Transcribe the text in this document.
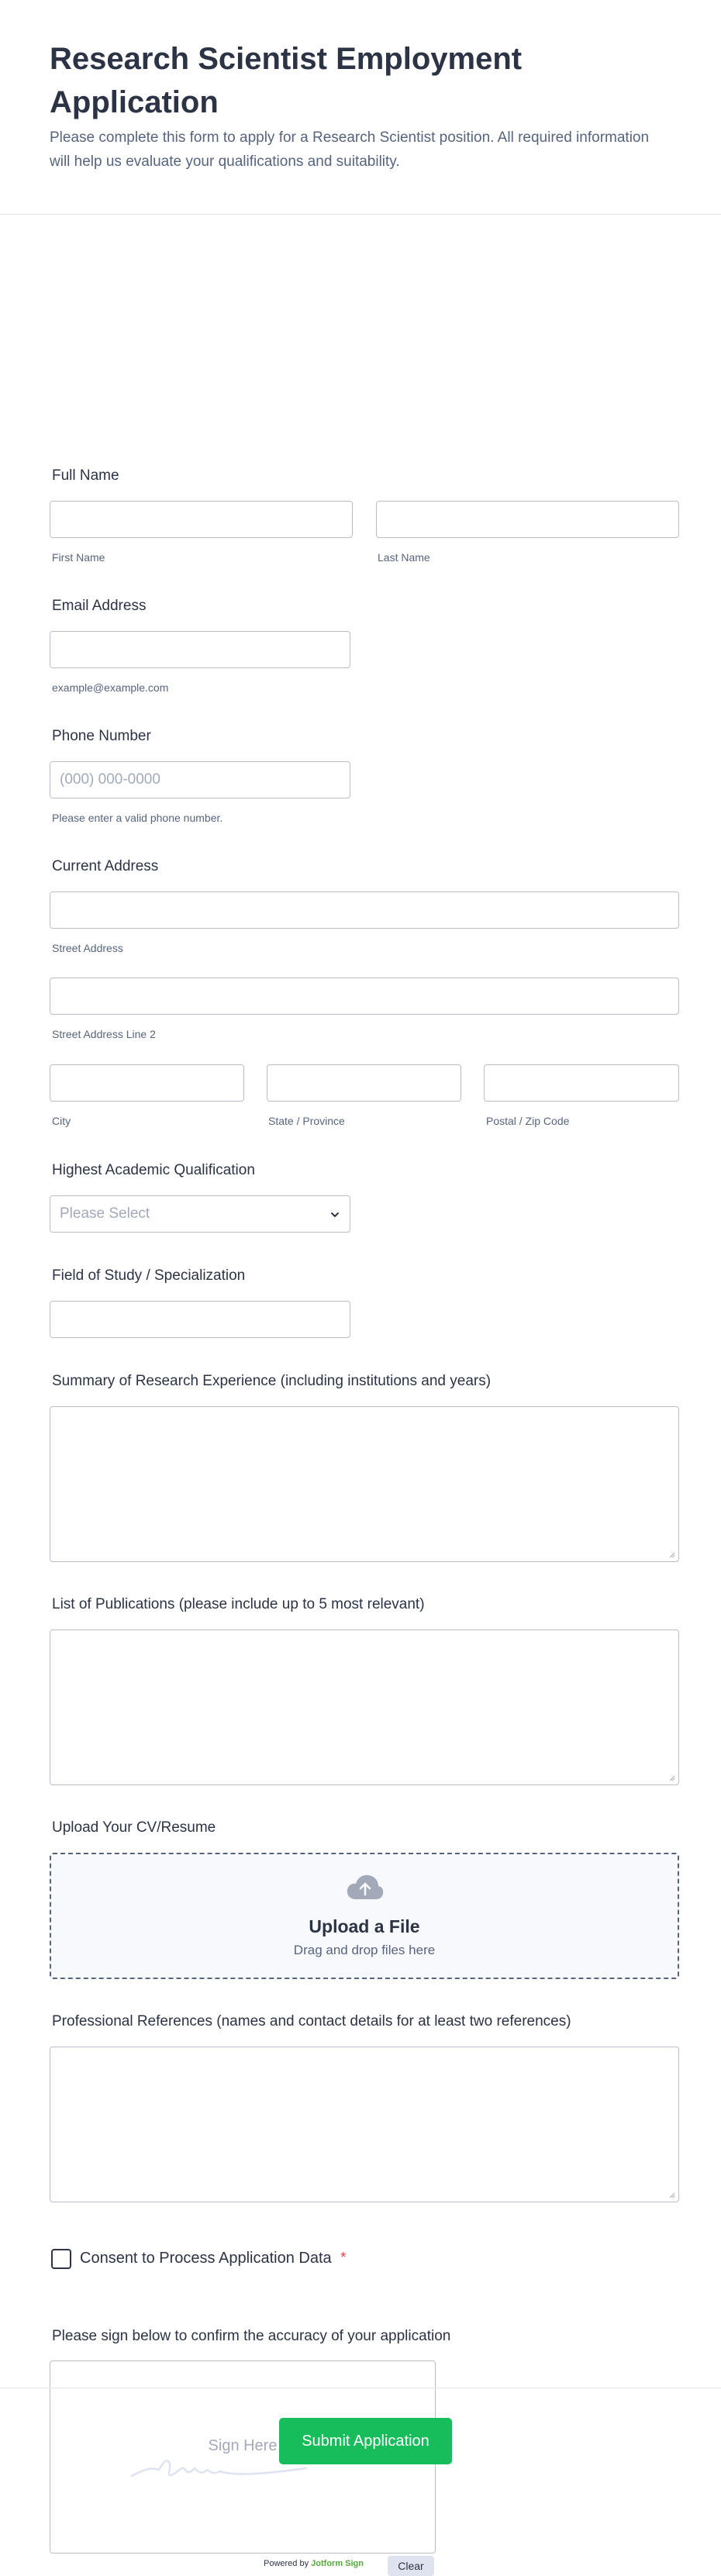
Research Scientist Employment Application

Please complete this form to apply for a Research Scientist position. All required information will help us evaluate your qualifications and suitability.

Full Name
First Name	Last Name
Email Address
example@example.com
Phone Number
(000) 000-0000
Please enter a valid phone number.
Current Address
Street Address
Street Address Line 2
City	State / Province	Postal / Zip Code
Highest Academic Qualification
Please Select
Field of Study / Specialization
Summary of Research Experience (including institutions and years)
List of Publications (please include up to 5 most relevant)
Upload Your CV/Resume
Upload a File
Drag and drop files here
Professional References (names and contact details for at least two references)
Consent to Process Application Data *
Please sign below to confirm the accuracy of your application
Sign Here
Powered by Jotform Sign	Clear
Submit Application
